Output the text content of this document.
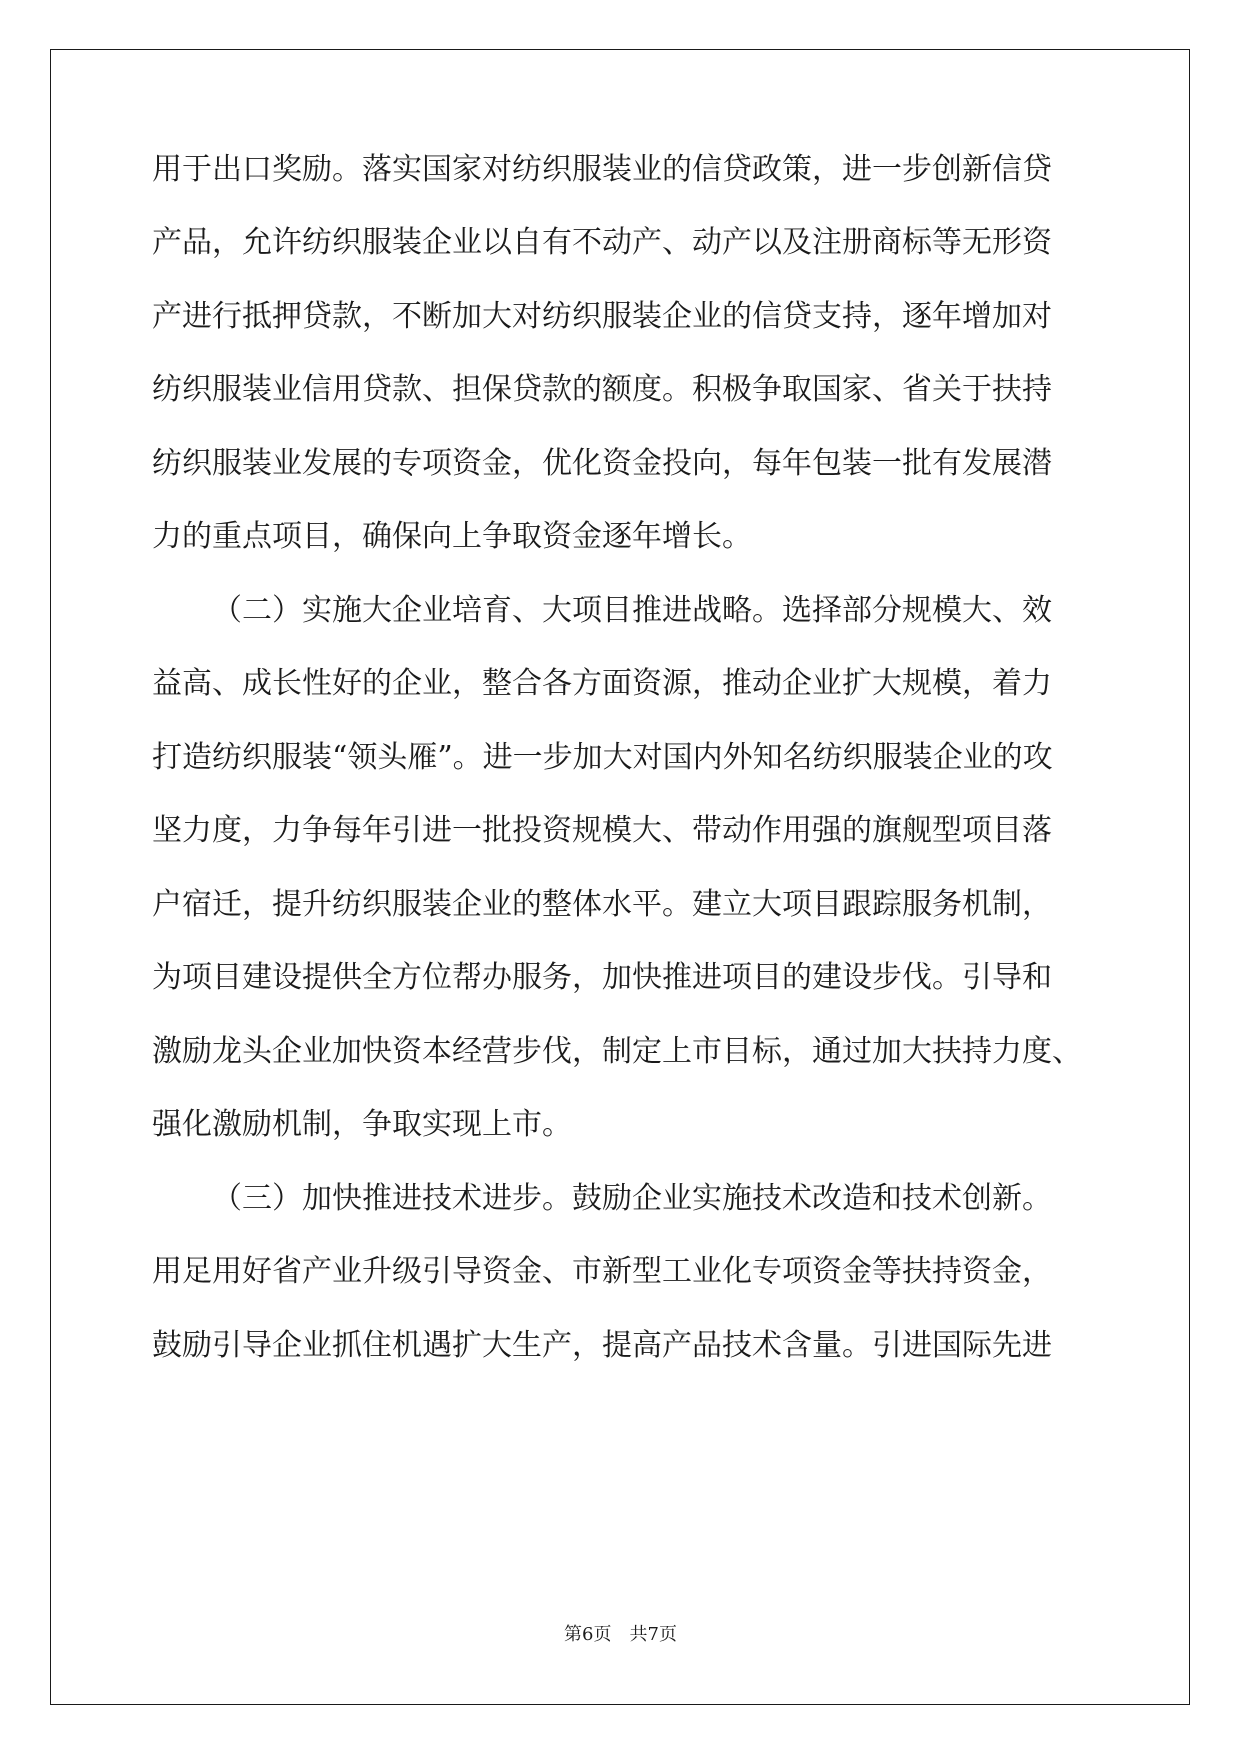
用于出口奖励。落实国家对纺织服装业的信贷政策，进一步创新信贷
产品，允许纺织服装企业以自有不动产、动产以及注册商标等无形资
产进行抵押贷款，不断加大对纺织服装企业的信贷支持，逐年增加对
纺织服装业信用贷款、担保贷款的额度。积极争取国家、省关于扶持
纺织服装业发展的专项资金，优化资金投向，每年包装一批有发展潜
力的重点项目，确保向上争取资金逐年增长。
（二）实施大企业培育、大项目推进战略。选择部分规模大、效
益高、成长性好的企业，整合各方面资源，推动企业扩大规模，着力
打造纺织服装“领头雁”。进一步加大对国内外知名纺织服装企业的攻
坚力度，力争每年引进一批投资规模大、带动作用强的旗舰型项目落
户宿迁，提升纺织服装企业的整体水平。建立大项目跟踪服务机制，
为项目建设提供全方位帮办服务，加快推进项目的建设步伐。引导和
激励龙头企业加快资本经营步伐，制定上市目标，通过加大扶持力度、
强化激励机制，争取实现上市。
（三）加快推进技术进步。鼓励企业实施技术改造和技术创新。
用足用好省产业升级引导资金、市新型工业化专项资金等扶持资金，
鼓励引导企业抓住机遇扩大生产，提高产品技术含量。引进国际先进
第6页 共7页
